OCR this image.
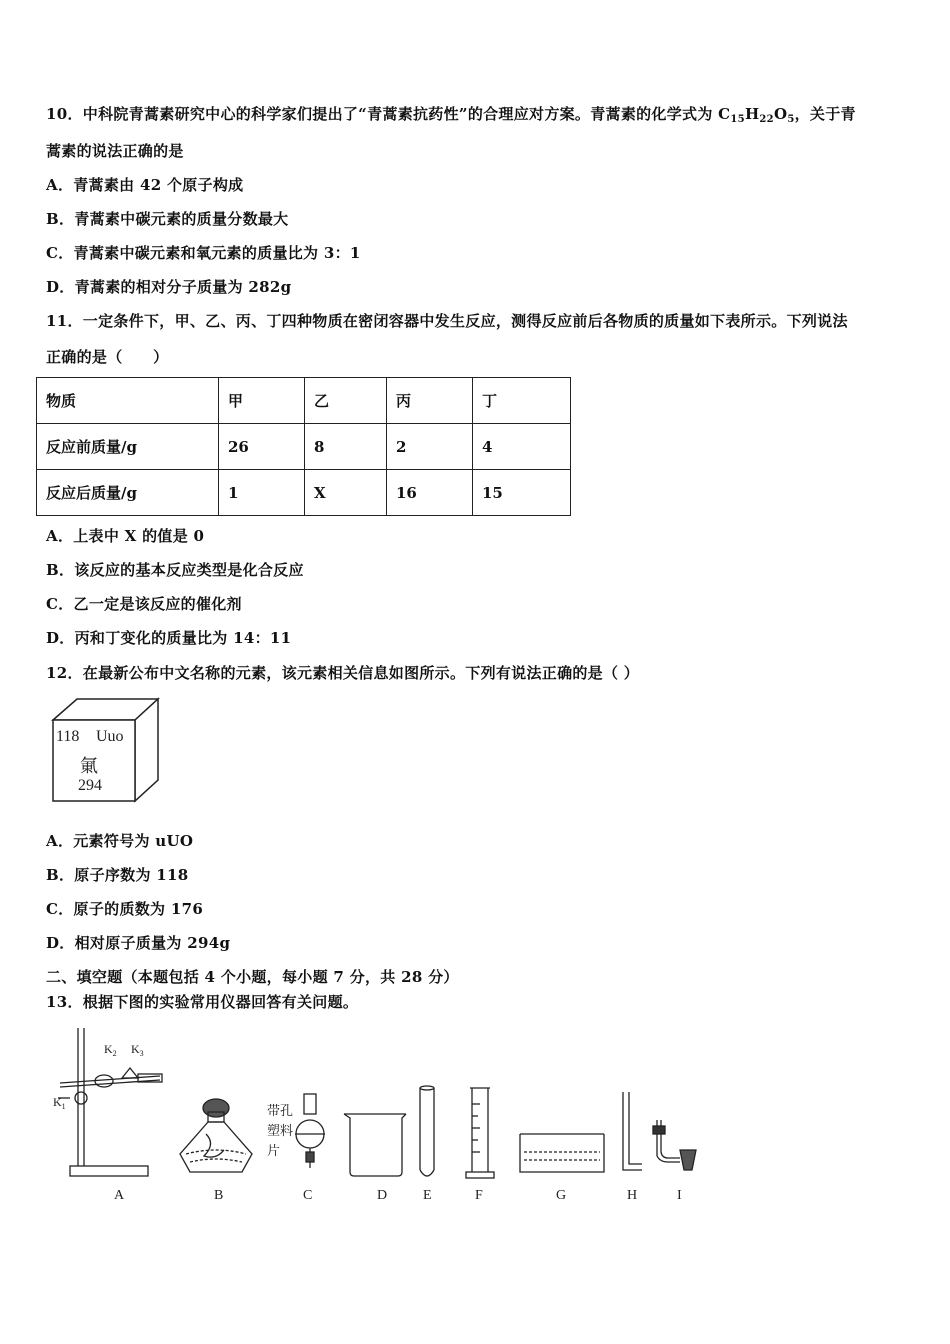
10．中科院青蒿素研究中心的科学家们提出了“青蒿素抗药性”的合理应对方案。青蒿素的化学式为 $C_{15}H_{22}O_5$，关于青
蒿素的说法正确的是
A．青蒿素由 42 个原子构成
B．青蒿素中碳元素的质量分数最大
C．青蒿素中碳元素和氧元素的质量比为 3：1
D．青蒿素的相对分子质量为 282g
11．一定条件下，甲、乙、丙、丁四种物质在密闭容器中发生反应，测得反应前后各物质的质量如下表所示。下列说法
正确的是（　　）
物质	甲	乙	丙	丁
反应前质量/g	26	8	2	4
反应后质量/g	1	X	16	15
A．上表中 X 的值是 0
B．该反应的基本反应类型是化合反应
C．乙一定是该反应的催化剂
D．丙和丁变化的质量比为 14：11
12．在最新公布中文名称的元素，该元素相关信息如图所示。下列有说法正确的是（ ）
118 Uuo
氭
294
A．元素符号为 uUO
B．原子序数为 118
C．原子的质数为 176
D．相对原子质量为 294g
二、填空题（本题包括 4 个小题，每小题 7 分，共 28 分）
13．根据下图的实验常用仪器回答有关问题。
$K_2$ $K_3$
$K_1$	带孔
塑料
片
A	B	C	D	E	F	G	H	I
